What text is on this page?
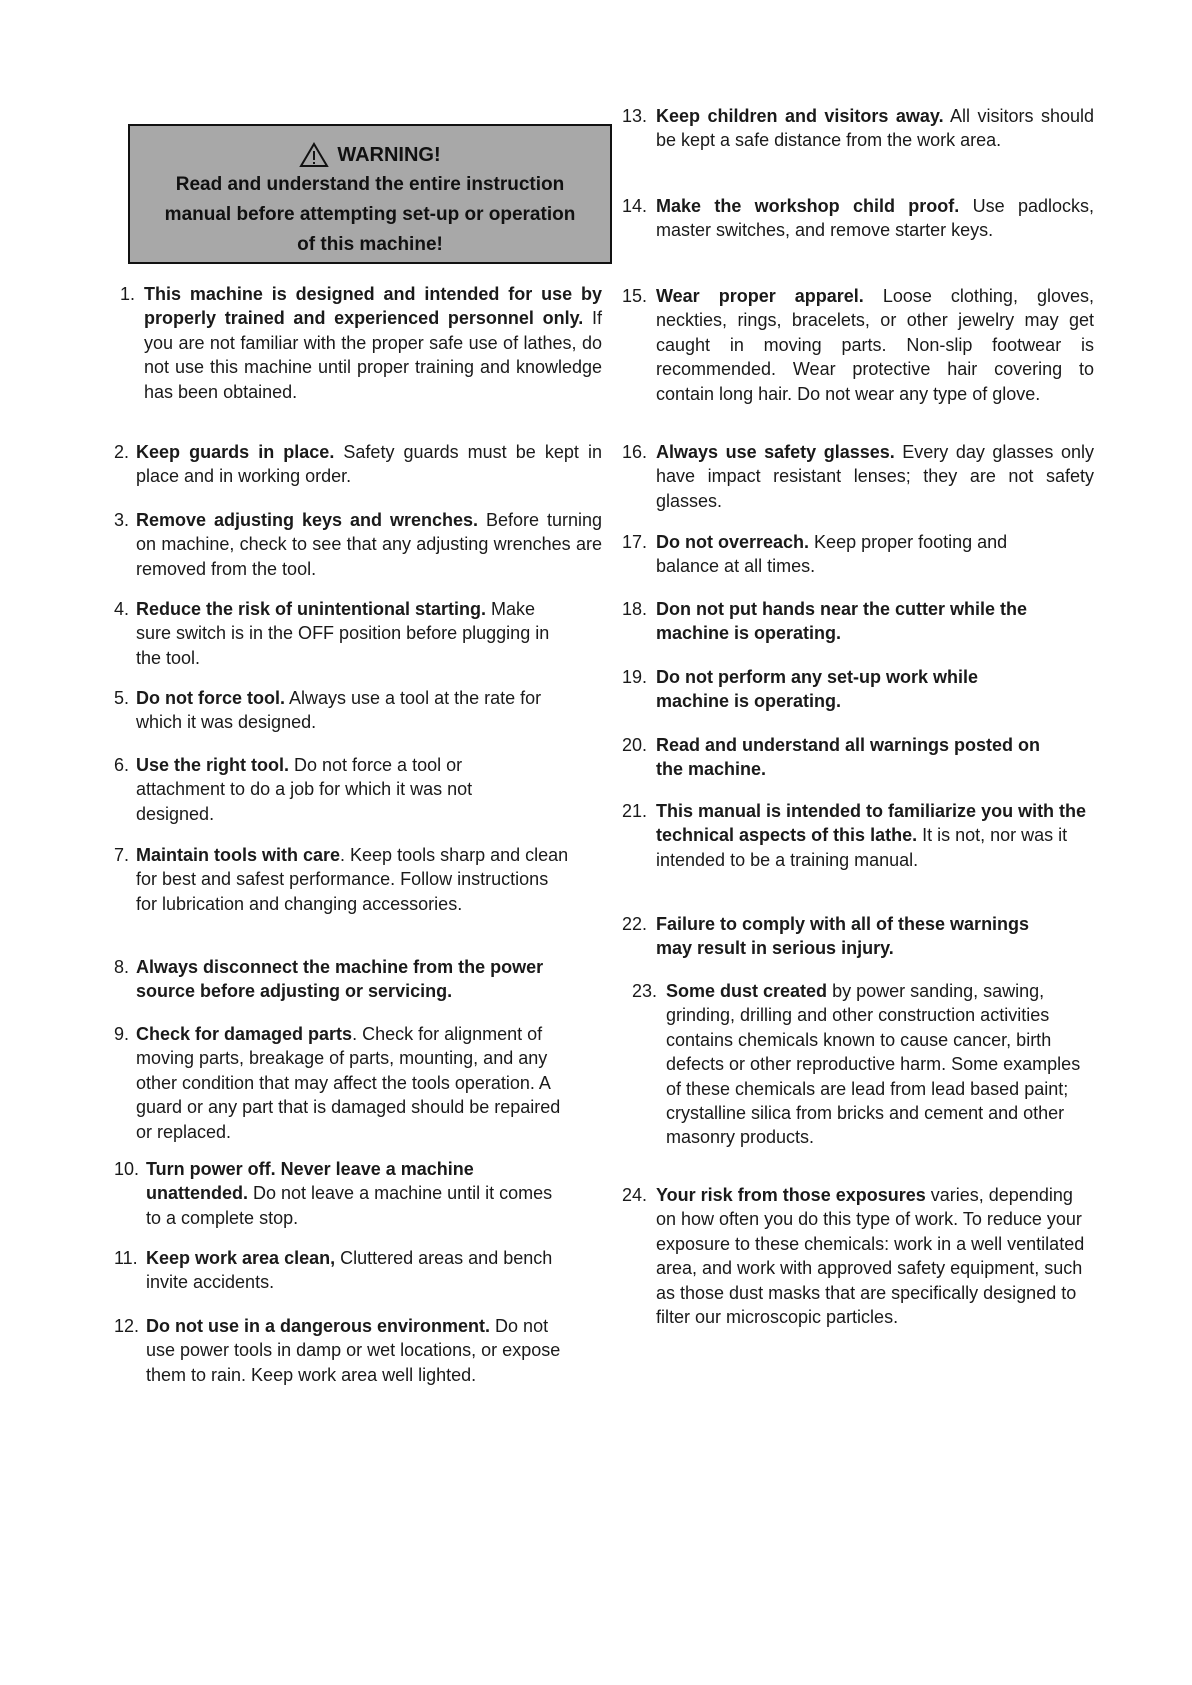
WARNING!
Read and understand the entire instruction
manual before attempting set-up or operation
of this machine!
1. This machine is designed and intended for use by properly trained and experienced personnel only. If you are not familiar with the proper safe use of lathes, do not use this machine until proper training and knowledge has been obtained.
2. Keep guards in place. Safety guards must be kept in place and in working order.
3. Remove adjusting keys and wrenches. Before turning on machine, check to see that any adjusting wrenches are removed from the tool.
4. Reduce the risk of unintentional starting. Make sure switch is in the OFF position before plugging in the tool.
5. Do not force tool. Always use a tool at the rate for which it was designed.
6. Use the right tool. Do not force a tool or attachment to do a job for which it was not designed.
7. Maintain tools with care. Keep tools sharp and clean for best and safest performance. Follow instructions for lubrication and changing accessories.
8. Always disconnect the machine from the power source before adjusting or servicing.
9. Check for damaged parts. Check for alignment of moving parts, breakage of parts, mounting, and any other condition that may affect the tools operation. A guard or any part that is damaged should be repaired or replaced.
10. Turn power off. Never leave a machine unattended. Do not leave a machine until it comes to a complete stop.
11. Keep work area clean, Cluttered areas and bench invite accidents.
12. Do not use in a dangerous environment. Do not use power tools in damp or wet locations, or expose them to rain. Keep work area well lighted.
13. Keep children and visitors away. All visitors should be kept a safe distance from the work area.
14. Make the workshop child proof. Use padlocks, master switches, and remove starter keys.
15. Wear proper apparel. Loose clothing, gloves, neckties, rings, bracelets, or other jewelry may get caught in moving parts. Non-slip footwear is recommended. Wear protective hair covering to contain long hair. Do not wear any type of glove.
16. Always use safety glasses. Every day glasses only have impact resistant lenses; they are not safety glasses.
17. Do not overreach. Keep proper footing and balance at all times.
18. Don not put hands near the cutter while the machine is operating.
19. Do not perform any set-up work while machine is operating.
20. Read and understand all warnings posted on the machine.
21. This manual is intended to familiarize you with the technical aspects of this lathe. It is not, nor was it intended to be a training manual.
22. Failure to comply with all of these warnings may result in serious injury.
23. Some dust created by power sanding, sawing, grinding, drilling and other construction activities contains chemicals known to cause cancer, birth defects or other reproductive harm. Some examples of these chemicals are lead from lead based paint; crystalline silica from bricks and cement and other masonry products.
24. Your risk from those exposures varies, depending on how often you do this type of work. To reduce your exposure to these chemicals: work in a well ventilated area, and work with approved safety equipment, such as those dust masks that are specifically designed to filter our microscopic particles.
